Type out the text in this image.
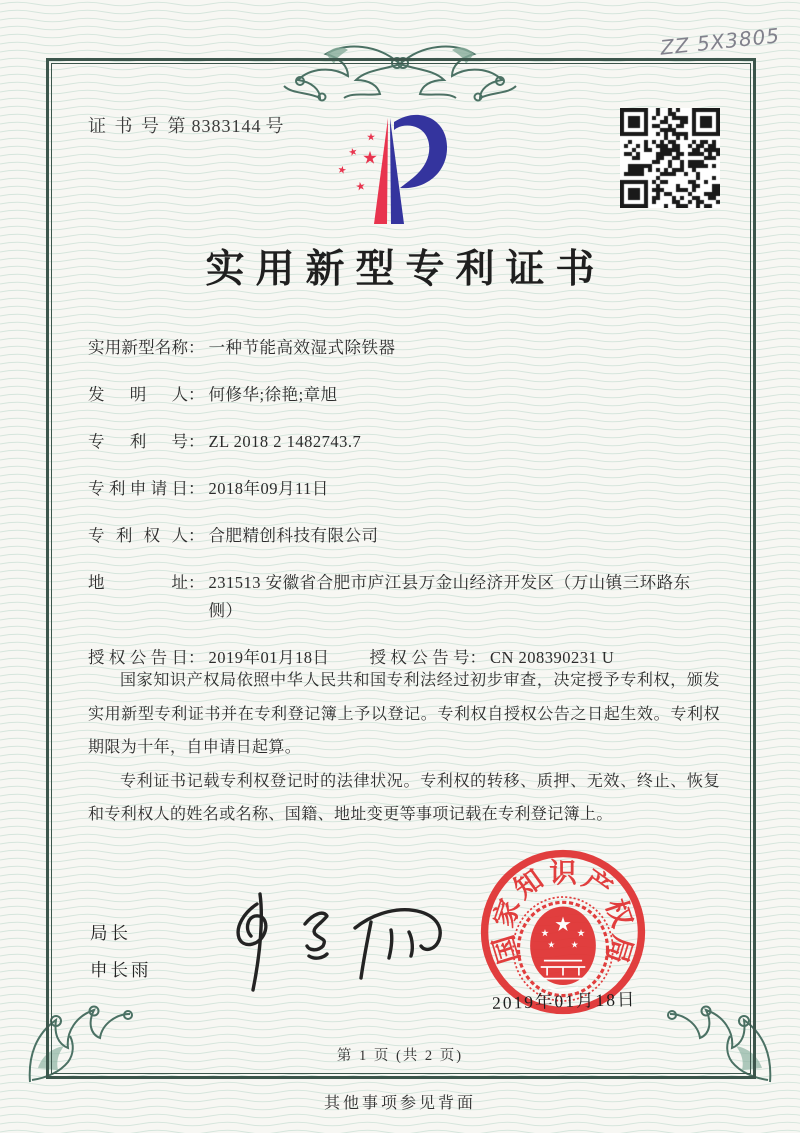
ZZ 5X3805
证 书 号 第 8383144 号
实用新型专利证书
实用新型名称 ： 一种节能高效湿式除铁器
发明人 ： 何修华;徐艳;章旭
专利号 ： ZL 2018 2 1482743.7
专利申请日 ： 2018年09月11日
专利权人 ： 合肥精创科技有限公司
地址 ： 231513 安徽省合肥市庐江县万金山经济开发区（万山镇三环路东侧）
授权公告日 ： 2019年01月18日 授权公告号 ： CN 208390231 U

国家知识产权局依照中华人民共和国专利法经过初步审查，决定授予专利权，颁发实用新型专利证书并在专利登记簿上予以登记。专利权自授权公告之日起生效。专利权期限为十年，自申请日起算。

专利证书记载专利权登记时的法律状况。专利权的转移、质押、无效、终止、恢复和专利权人的姓名或名称、国籍、地址变更等事项记载在专利登记簿上。

局长
申长雨
国
家
知 识 产
权
局
2019年01月18日
第 1 页 (共 2 页)
其他事项参见背面
